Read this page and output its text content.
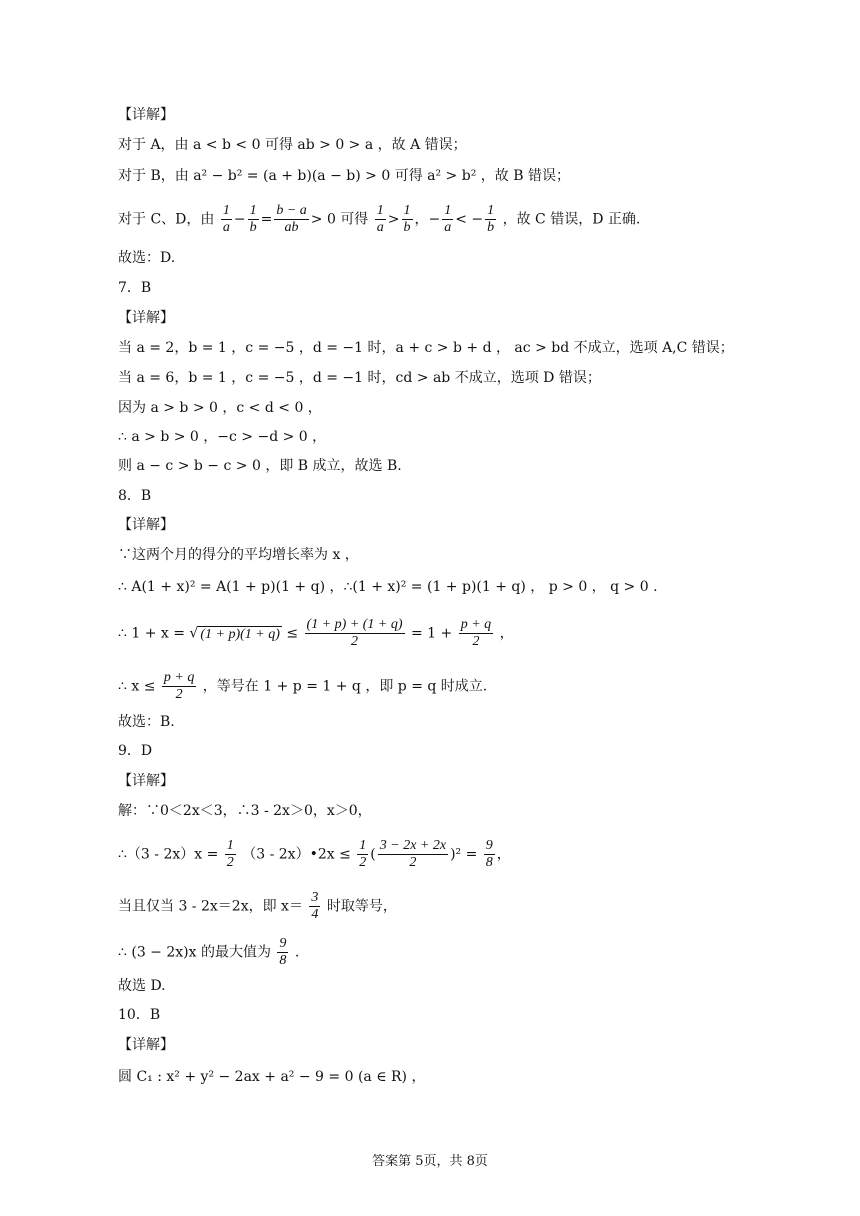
【详解】
对于 A，由 a < b < 0 可得 ab > 0 > a ，故 A 错误；
对于 B，由 a² − b² = (a + b)(a − b) > 0 可得 a² > b² ，故 B 错误；
对于 C、D，由 $\frac{1}{a} - \frac{1}{b} = \frac{b - a}{ab} > 0$ 可得 $\frac{1}{a} > \frac{1}{b}$ ，− $\frac{1}{a}$ < − $\frac{1}{b}$ ，故 C 错误，D 正确.
故选：D.
7．B
【详解】
当 a = 2，b = 1 ，c = −5 ，d = −1 时，a + c > b + d ， ac > bd 不成立，选项 A,C 错误；
当 a = 6，b = 1 ，c = −5 ，d = −1 时，cd > ab 不成立，选项 D 错误；
因为 a > b > 0 ，c < d < 0 ，
∴ a > b > 0 ，−c > −d > 0 ，
则 a − c > b − c > 0 ，即 B 成立，故选 B.
8．B
【详解】
∵这两个月的得分的平均增长率为 x ，
∴ A(1 + x)² = A(1 + p)(1 + q) ，∴(1 + x)² = (1 + p)(1 + q) ， p > 0 ， q > 0 .
∴ 1 + x = √ $(1 + p)(1 + q) \le \frac{(1 + p) + (1 + q)}{2} = 1 + \frac{p + q}{2}$ ，
∴ $x \le \frac{p + q}{2}$ ，等号在 1 + p = 1 + q ，即 p = q 时成立.
故选：B.
9．D
【详解】
解：∵0＜2x＜3，∴3 - 2x＞0，x＞0，
∴（3 - $2x)x = \frac{1}{2} (3$ - 2x）•2x ≤ $\frac{1}{2}$ ( $\frac{3 - 2x + 2x}{2} )^2 = \frac{9}{8}$ ，
当且仅当 3 - 2x＝2x，即 $x= \frac{3}{4}$ 时取等号，
∴ (3 − 2x)x 的最大值为 $\frac{9}{8}$ .
故选 D.
10．B
【详解】
圆 C₁ : x² + y² − 2ax + a² − 9 = 0 (a ∈ R) ，
答案第 5页，共 8页
